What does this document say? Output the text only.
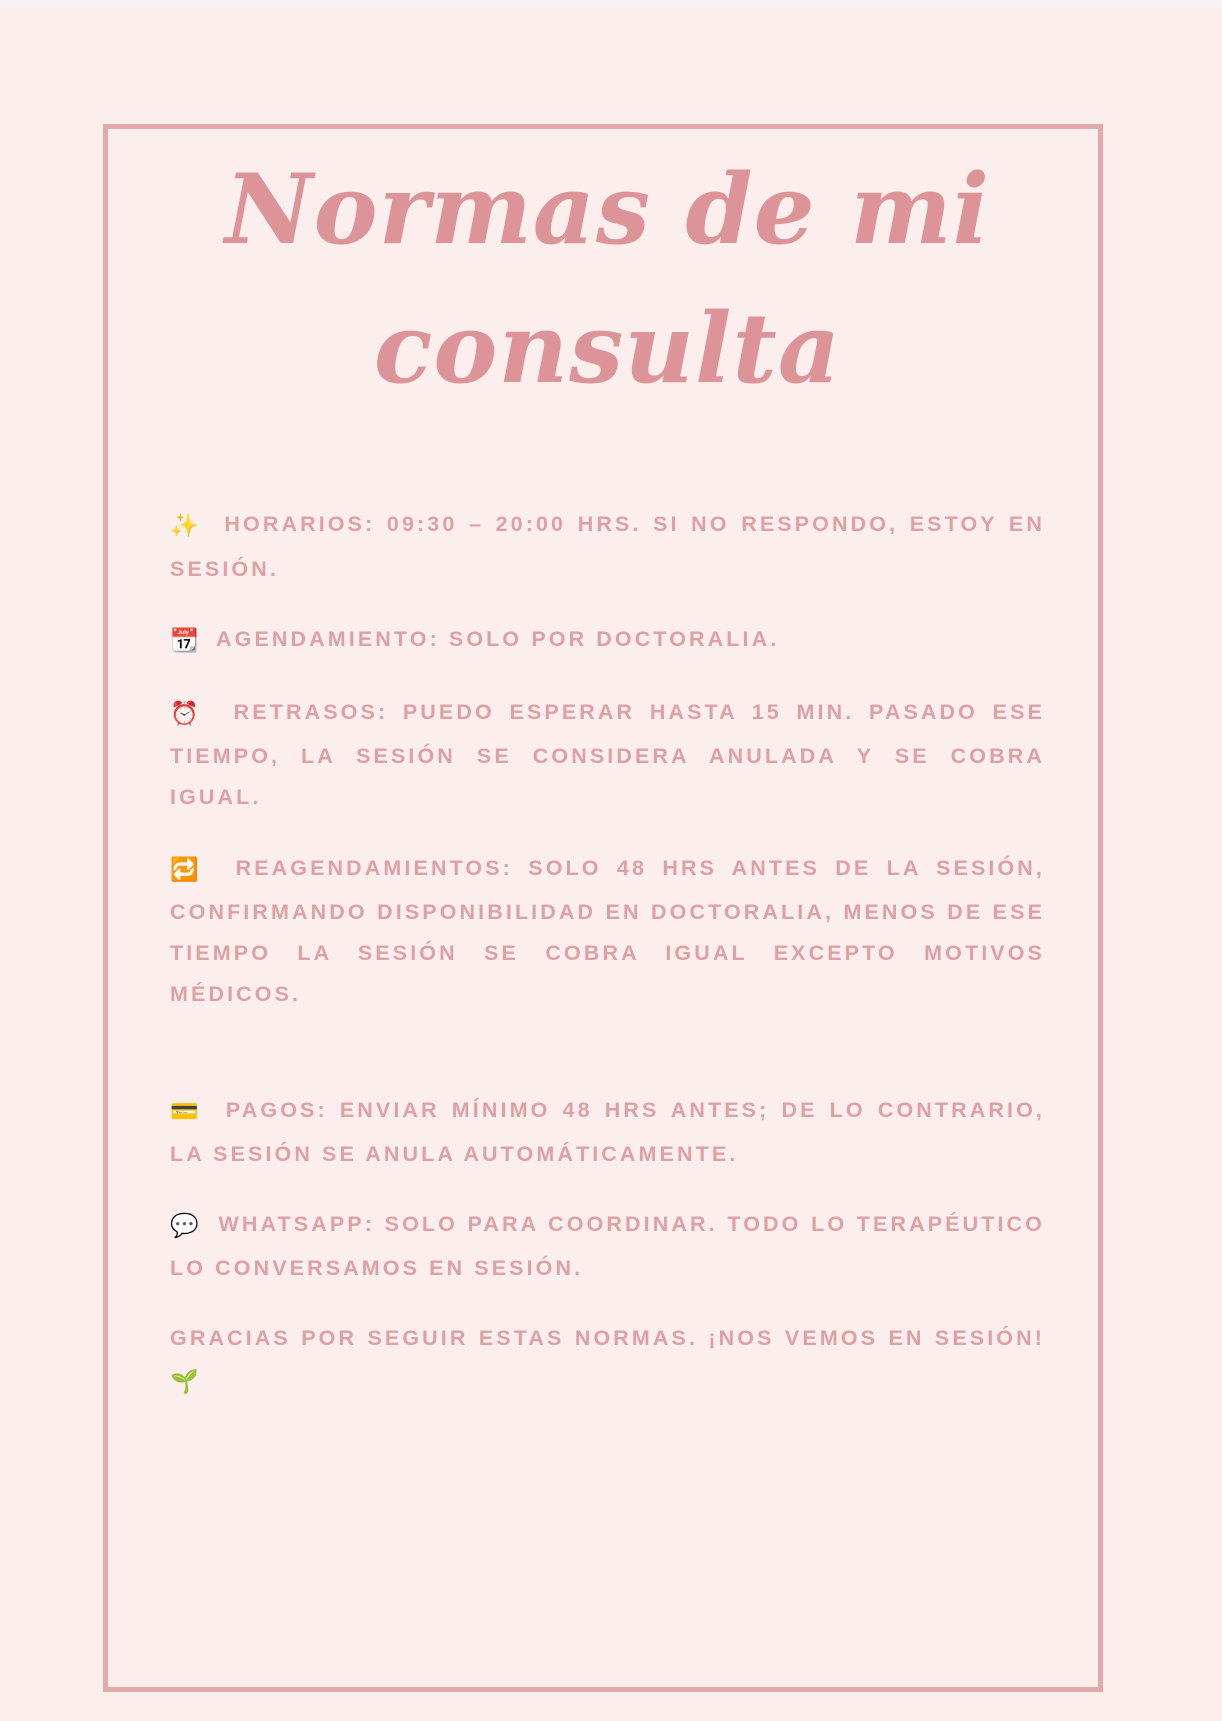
Normas de mi consulta

✨ HORARIOS: 09:30 – 20:00 HRS. SI NO RESPONDO, ESTOY EN SESIÓN.

📆 AGENDAMIENTO: SOLO POR DOCTORALIA.

⏰ RETRASOS: PUEDO ESPERAR HASTA 15 MIN. PASADO ESE TIEMPO, LA SESIÓN SE CONSIDERA ANULADA Y SE COBRA IGUAL.

🔁 REAGENDAMIENTOS: SOLO 48 HRS ANTES DE LA SESIÓN, CONFIRMANDO DISPONIBILIDAD EN DOCTORALIA, MENOS DE ESE TIEMPO LA SESIÓN SE COBRA IGUAL EXCEPTO MOTIVOS MÉDICOS.

💳 PAGOS: ENVIAR MÍNIMO 48 HRS ANTES; DE LO CONTRARIO, LA SESIÓN SE ANULA AUTOMÁTICAMENTE.

💬 WHATSAPP: SOLO PARA COORDINAR. TODO LO TERAPÉUTICO LO CONVERSAMOS EN SESIÓN.

GRACIAS POR SEGUIR ESTAS NORMAS. ¡NOS VEMOS EN SESIÓN! 🌱
